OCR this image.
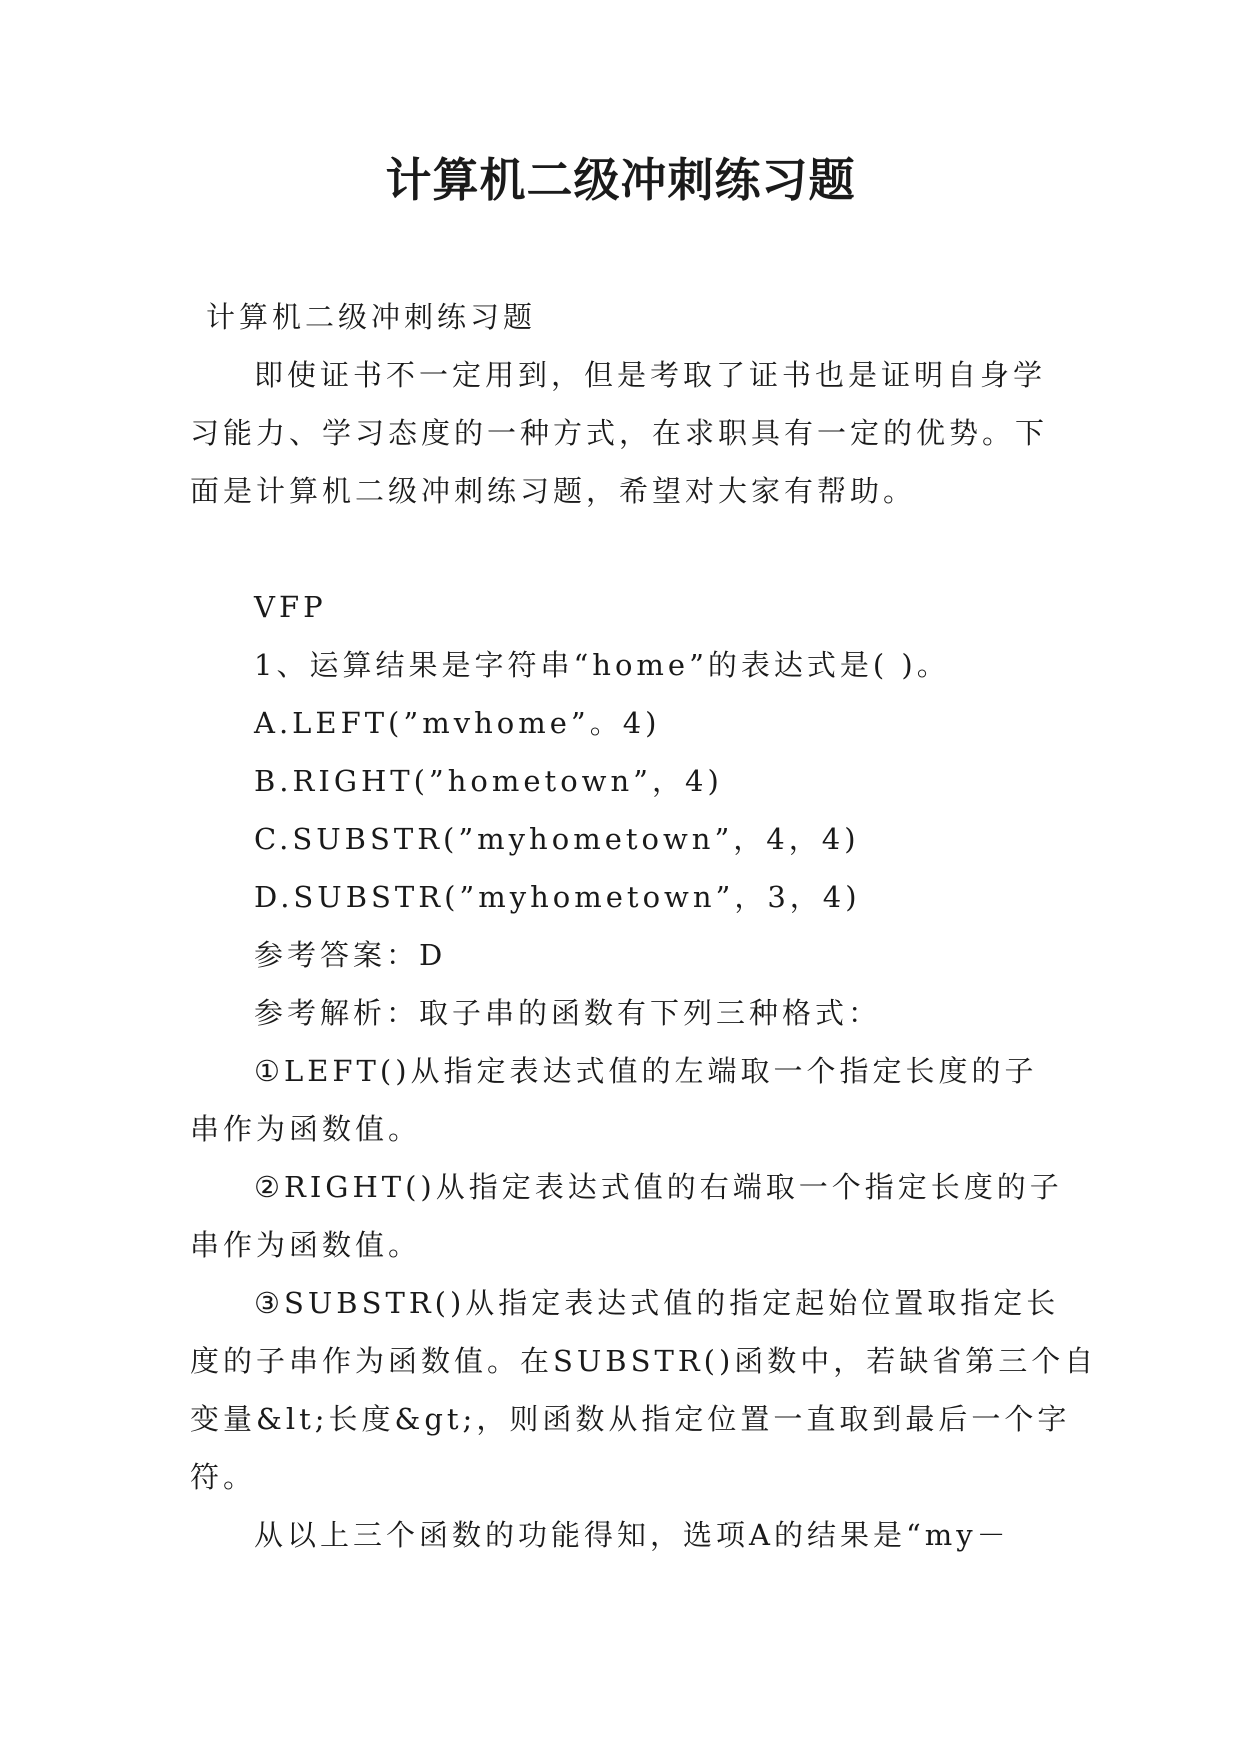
计算机二级冲刺练习题

计算机二级冲刺练习题

即使证书不一定用到，但是考取了证书也是证明自身学

习能力、学习态度的一种方式，在求职具有一定的优势。下

面是计算机二级冲刺练习题，希望对大家有帮助。

VFP

1、运算结果是字符串“home”的表达式是( )。

A.LEFT(”mvhome”。4)

B.RIGHT(”hometown”，4)

C.SUBSTR(”myhometown”，4，4)

D.SUBSTR(”myhometown”，3，4)

参考答案：D

参考解析：取子串的函数有下列三种格式：

①LEFT()从指定表达式值的左端取一个指定长度的子

串作为函数值。

②RIGHT()从指定表达式值的右端取一个指定长度的子

串作为函数值。

③SUBSTR()从指定表达式值的指定起始位置取指定长

度的子串作为函数值。在SUBSTR()函数中，若缺省第三个自

变量&lt;长度&gt;，则函数从指定位置一直取到最后一个字

符。

从以上三个函数的功能得知，选项A的结果是“my－
